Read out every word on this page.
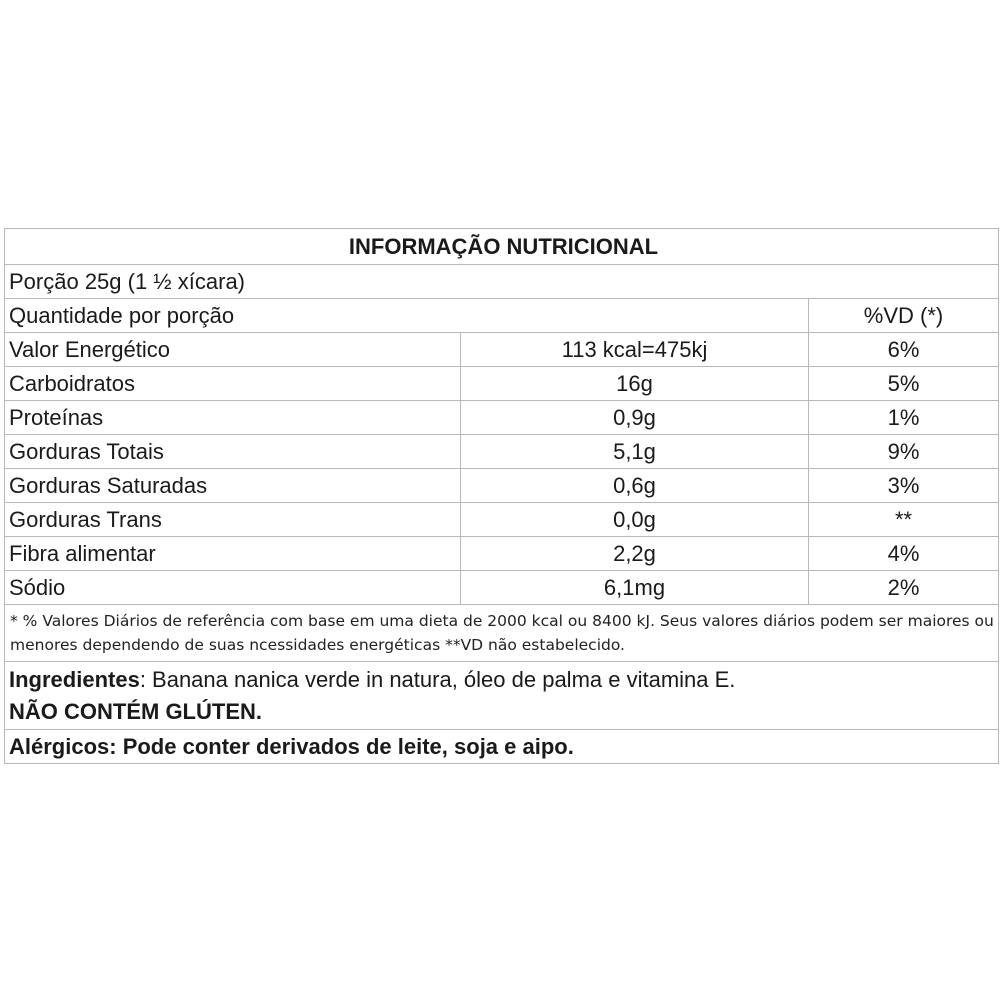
INFORMAÇÃO NUTRICIONAL		
Porção 25g (1 ½ xícara)		
Quantidade por porção		%VD (*)
Valor Energético	113 kcal=475kj	6%
Carboidratos	16g	5%
Proteínas	0,9g	1%
Gorduras Totais	5,1g	9%
Gorduras Saturadas	0,6g	3%
Gorduras Trans	0,0g	**
Fibra alimentar	2,2g	4%
Sódio	6,1mg	2%
* % Valores Diários de referência com base em uma dieta de 2000 kcal ou 8400 kJ. Seus valores diários podem ser maiores ou menores dependendo de suas ncessidades energéticas **VD não estabelecido.		
Ingredientes: Banana nanica verde in natura, óleo de palma e vitamina E.
NÃO CONTÉM GLÚTEN.		
Alérgicos: Pode conter derivados de leite, soja e aipo.		
